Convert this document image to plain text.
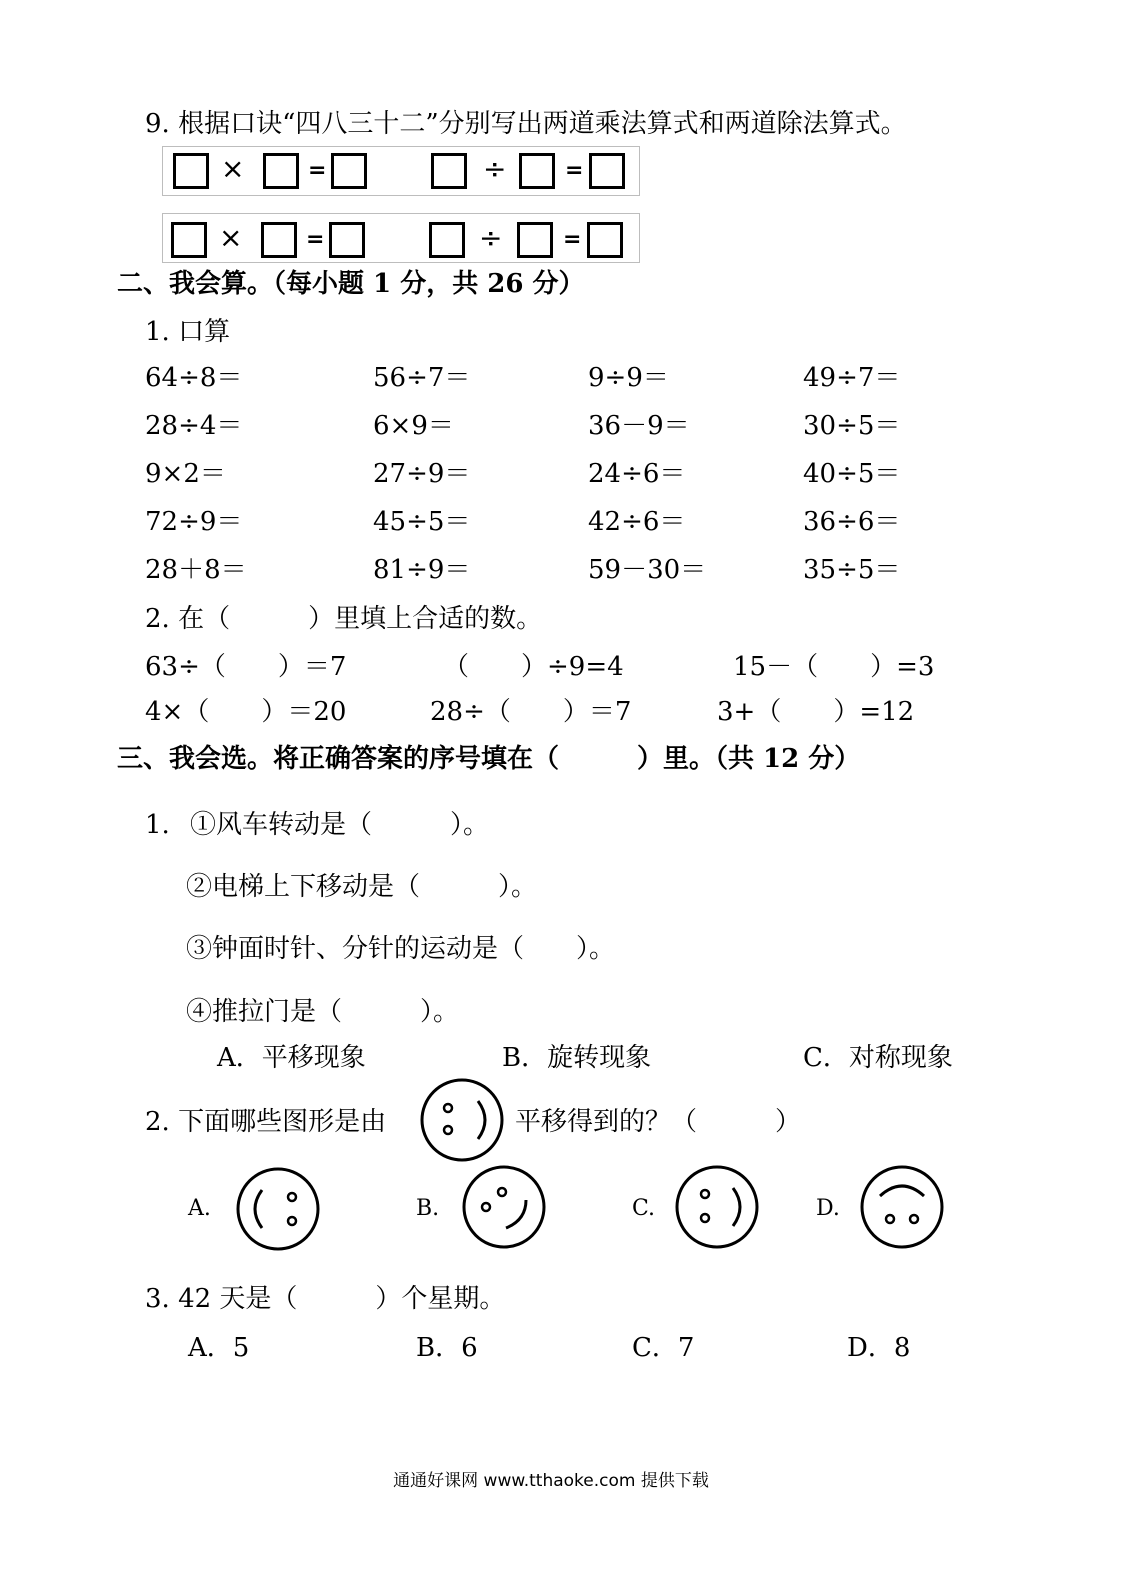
9. 根据口诀“四八三十二”分别写出两道乘法算式和两道除法算式。
×	=	÷	=
×	=	÷	=
二、我会算。（每小题 1 分，共 26 分）
1. 口算
64÷8＝	56÷7＝	9÷9＝	49÷7＝
28÷4＝	6×9＝	36－9＝	30÷5＝
9×2＝	27÷9＝	24÷6＝	40÷5＝
72÷9＝	45÷5＝	42÷6＝	36÷6＝
28＋8＝	81÷9＝	59－30＝	35÷5＝
2. 在（　　　）里填上合适的数。
63÷（　　）＝7	（　　）÷9=4	15－（　　）=3
4×（　　）＝20	28÷（　　）＝7	3+（　　）=12
三、我会选。将正确答案的序号填在（　　　）里。（共 12 分）
1. ①风车转动是（　　　）。
②电梯上下移动是（　　　）。
③钟面时针、分针的运动是（　　）。
④推拉门是（　　　）。
A．平移现象	B．旋转现象	C．对称现象
2. 下面哪些图形是由	平移得到的？（　　　）
A.	B.	C.	D.
3. 42 天是（　　　）个星期。
A．5	B．6	C．7	D．8
通通好课网 www.tthaoke.com 提供下载
